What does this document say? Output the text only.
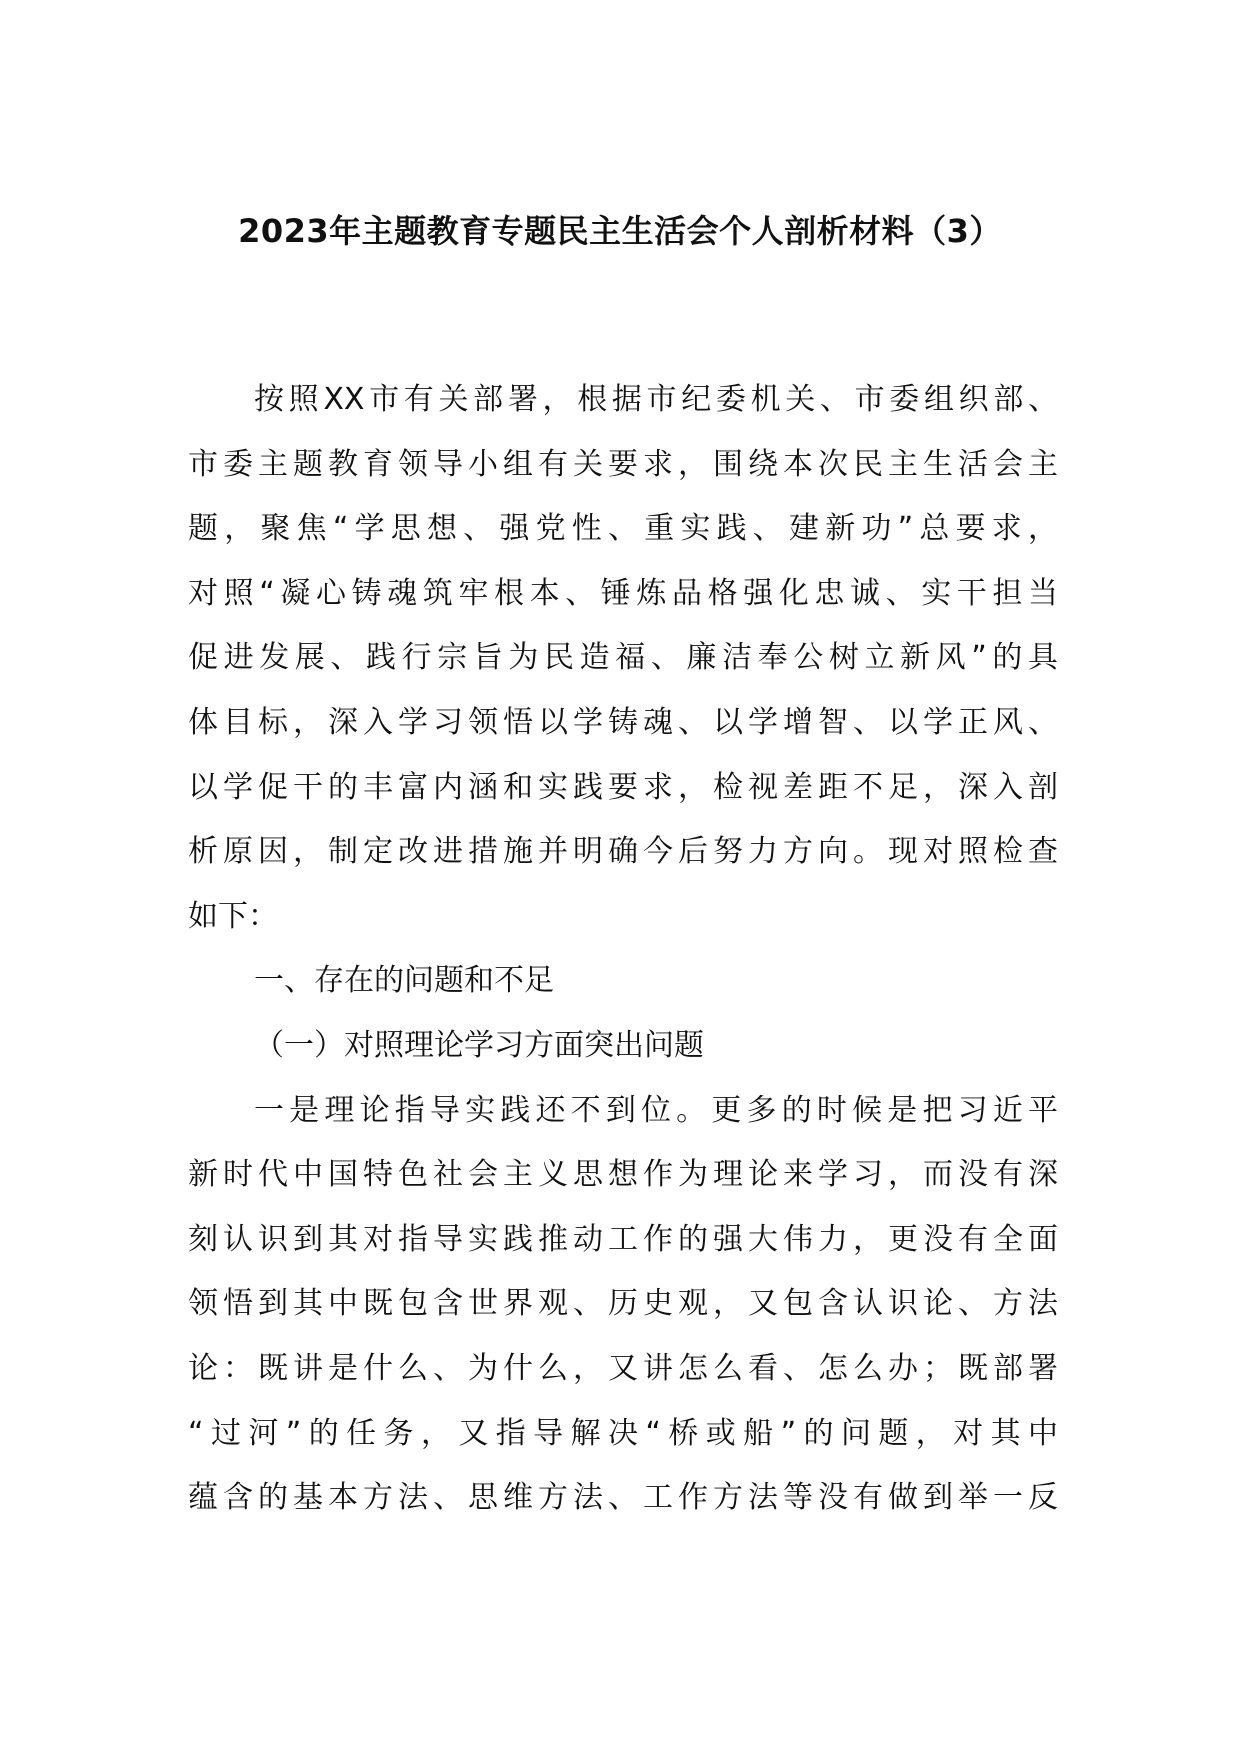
2023年主题教育专题民主生活会个人剖析材料（3）
按照XX市有关部署，根据市纪委机关、市委组织部、
市委主题教育领导小组有关要求，围绕本次民主生活会主
题，聚焦“学思想、强党性、重实践、建新功”总要求，
对照“凝心铸魂筑牢根本、锤炼品格强化忠诚、实干担当
促进发展、践行宗旨为民造福、廉洁奉公树立新风”的具
体目标，深入学习领悟以学铸魂、以学增智、以学正风、
以学促干的丰富内涵和实践要求，检视差距不足，深入剖
析原因，制定改进措施并明确今后努力方向。现对照检查
如下：
一、存在的问题和不足
（一）对照理论学习方面突出问题
一是理论指导实践还不到位。更多的时候是把习近平
新时代中国特色社会主义思想作为理论来学习，而没有深
刻认识到其对指导实践推动工作的强大伟力，更没有全面
领悟到其中既包含世界观、历史观，又包含认识论、方法
论：既讲是什么、为什么，又讲怎么看、怎么办；既部署
“过河”的任务，又指导解决“桥或船”的问题，对其中
蕴含的基本方法、思维方法、工作方法等没有做到举一反
